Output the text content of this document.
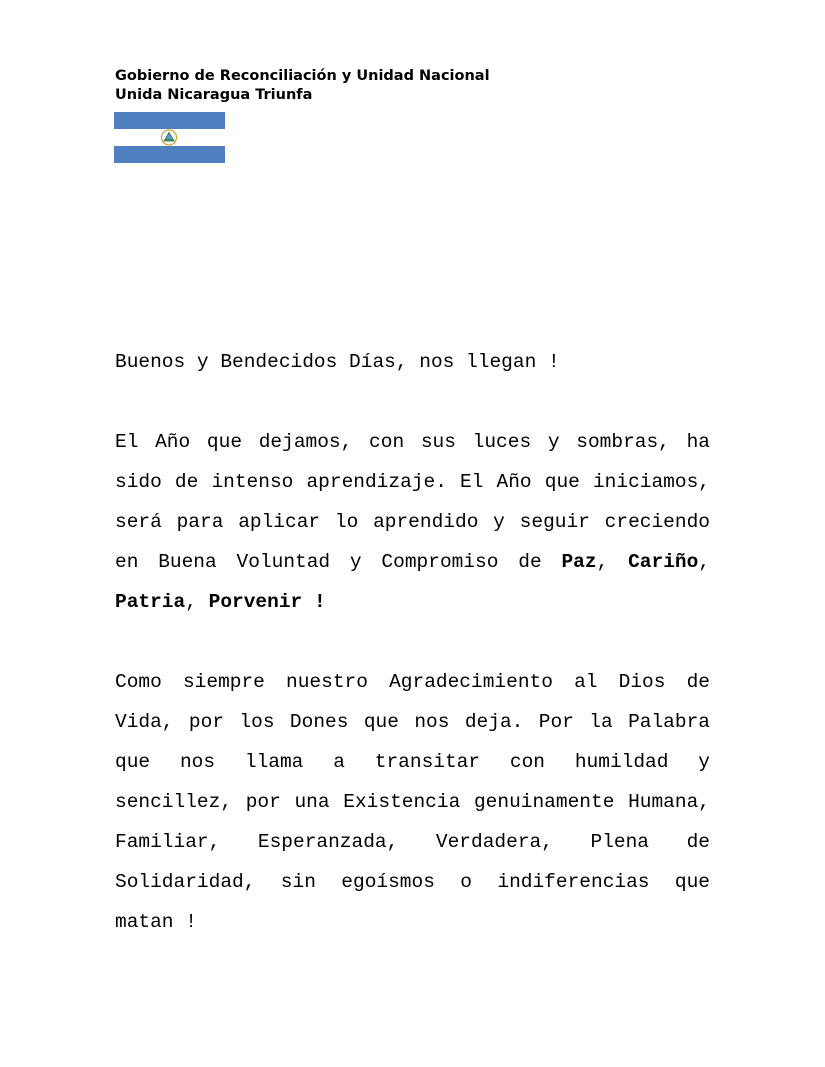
Gobierno de Reconciliación y Unidad Nacional
Unida Nicaragua Triunfa

Buenos y Bendecidos Días, nos llegan !

El Año que dejamos, con sus luces y sombras, ha sido de intenso aprendizaje. El Año que iniciamos, será para aplicar lo aprendido y seguir creciendo en Buena Voluntad y Compromiso de Paz, Cariño, Patria, Porvenir !

Como siempre nuestro Agradecimiento al Dios de Vida, por los Dones que nos deja. Por la Palabra que nos llama a transitar con humildad y sencillez, por una Existencia genuinamente Humana, Familiar, Esperanzada, Verdadera, Plena de Solidaridad, sin egoísmos o indiferencias que matan !
